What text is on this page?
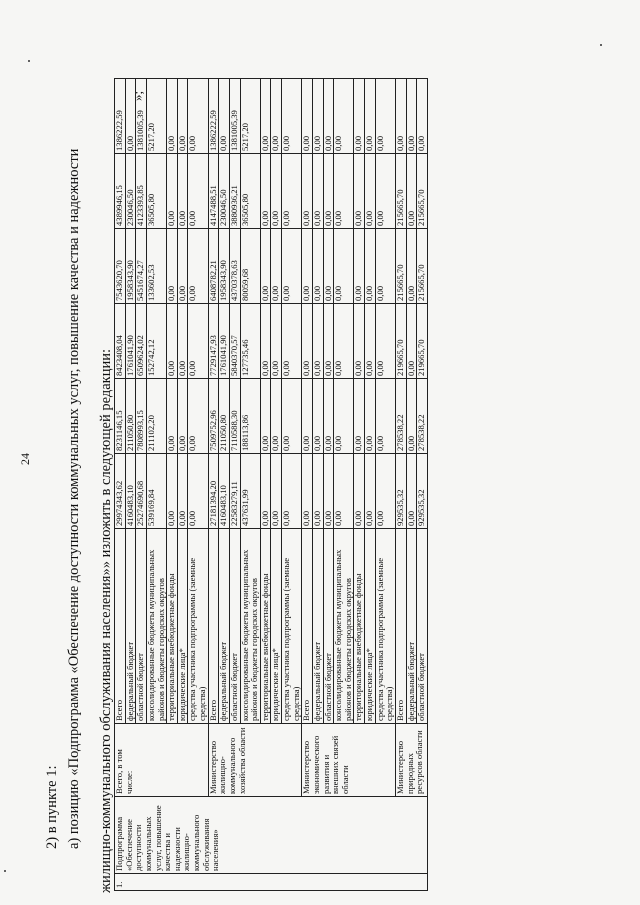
24
2) в пункте 1: а) позицию «Подпрограмма «Обеспечение доступности коммунальных услуг, повышение качества и надежности жилищно-коммунального обслуживания населения»» изложить в следующей редакции:
»;
1.	Подпрограмма «Обеспечение доступности коммунальных услуг, повышение качества и надежности жилищно-коммунального обслуживания населения»	Всего, в том числе:	Всего	29974343,62	8231146,15	8423408,04	7543620,70	4389946,15	1386222,59
			федеральный бюджет	4160483,10	211050,80	1761041,90	1958343,90	230046,50	0,00
			областной бюджет	25274690,68	7808993,15	6509624,02	5451674,27	4123393,85	1381005,39
			консолидированные бюджеты муниципальных районов и бюджеты городских округов	539169,84	211102,20	152742,12	133602,53	36505,80	5217,20
			территориальные внебюджетные фонды	0,00	0,00	0,00	0,00	0,00	0,00
			юридические лица*	0,00	0,00	0,00	0,00	0,00	0,00
			средства участника подпрограммы (заемные средства)	0,00	0,00	0,00	0,00	0,00	0,00
		Министерство жилищно-коммунального хозяйства области	Всего	27181394,20	7509752,96	7729147,93	6408782,21	4147488,51	1386222,59
			федеральный бюджет	4160483,10	211050,80	1761041,90	1958343,90	230046,50	0,00
			областной бюджет	22583279,11	7110588,30	5840370,57	4370378,63	3880936,21	1381005,39
			консолидированные бюджеты муниципальных районов и бюджеты городских округов	437631,99	188113,86	127735,46	80059,68	36505,80	5217,20
			территориальные внебюджетные фонды	0,00	0,00	0,00	0,00	0,00	0,00
			юридические лица*	0,00	0,00	0,00	0,00	0,00	0,00
			средства участника подпрограммы (заемные средства)	0,00	0,00	0,00	0,00	0,00	0,00
		Министерство экономического развития и внешних связей области	Всего	0,00	0,00	0,00	0,00	0,00	0,00
			федеральный бюджет	0,00	0,00	0,00	0,00	0,00	0,00
			областной бюджет	0,00	0,00	0,00	0,00	0,00	0,00
			консолидированные бюджеты муниципальных районов и бюджеты городских округов	0,00	0,00	0,00	0,00	0,00	0,00
			территориальные внебюджетные фонды	0,00	0,00	0,00	0,00	0,00	0,00
			юридические лица*	0,00	0,00	0,00	0,00	0,00	0,00
			средства участника подпрограммы (заемные средства)	0,00	0,00	0,00	0,00	0,00	0,00
		Министерство природных ресурсов области	Всего	929535,32	278538,22	219665,70	215665,70	215665,70	0,00
			федеральный бюджет	0,00	0,00	0,00	0,00	0,00	0,00
			областной бюджет	929535,32	278538,22	219665,70	215665,70	215665,70	0,00
